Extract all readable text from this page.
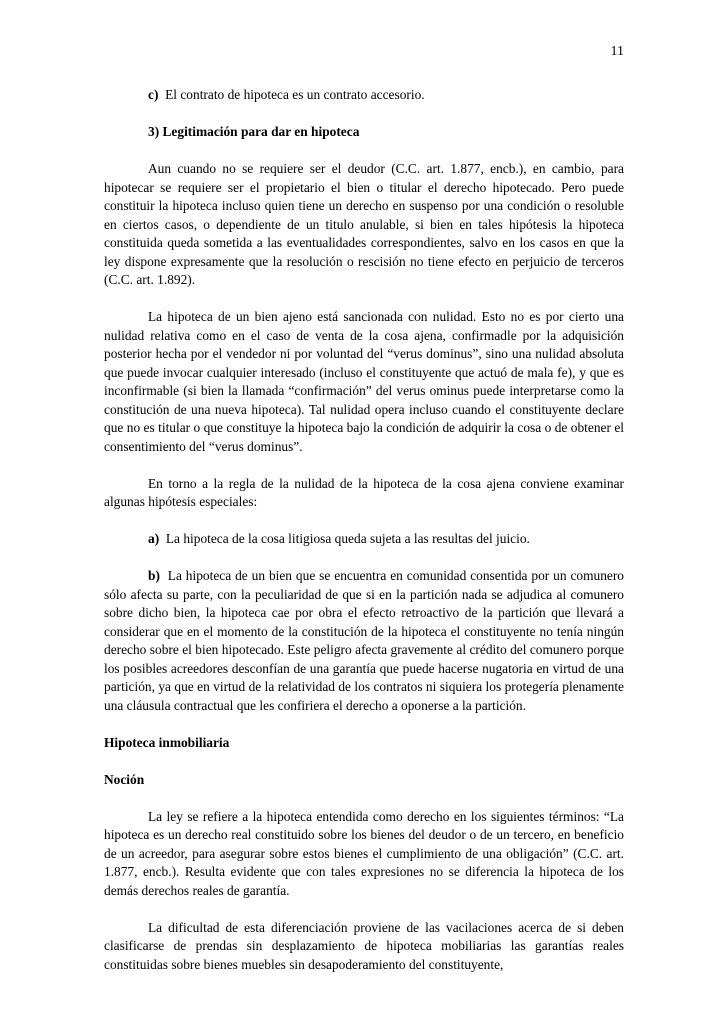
11

c) El contrato de hipoteca es un contrato accesorio.

3) Legitimación para dar en hipoteca

Aun cuando no se requiere ser el deudor (C.C. art. 1.877, encb.), en cambio, para hipotecar se requiere ser el propietario el bien o titular el derecho hipotecado. Pero puede constituir la hipoteca incluso quien tiene un derecho en suspenso por una condición o resoluble en ciertos casos, o dependiente de un titulo anulable, si bien en tales hipótesis la hipoteca constituida queda sometida a las eventualidades correspondientes, salvo en los casos en que la ley dispone expresamente que la resolución o rescisión no tiene efecto en perjuicio de terceros (C.C. art. 1.892).

La hipoteca de un bien ajeno está sancionada con nulidad. Esto no es por cierto una nulidad relativa como en el caso de venta de la cosa ajena, confirmadle por la adquisición posterior hecha por el vendedor ni por voluntad del “verus dominus”, sino una nulidad absoluta que puede invocar cualquier interesado (incluso el constituyente que actuó de mala fe), y que es inconfirmable (si bien la llamada “confirmación” del verus ominus puede interpretarse como la constitución de una nueva hipoteca). Tal nulidad opera incluso cuando el constituyente declare que no es titular o que constituye la hipoteca bajo la condición de adquirir la cosa o de obtener el consentimiento del “verus dominus”.

En torno a la regla de la nulidad de la hipoteca de la cosa ajena conviene examinar algunas hipótesis especiales:

a) La hipoteca de la cosa litigiosa queda sujeta a las resultas del juicio.

b) La hipoteca de un bien que se encuentra en comunidad consentida por un comunero sólo afecta su parte, con la peculiaridad de que si en la partición nada se adjudica al comunero sobre dicho bien, la hipoteca cae por obra el efecto retroactivo de la partición que llevará a considerar que en el momento de la constitución de la hipoteca el constituyente no tenía ningún derecho sobre el bien hipotecado. Este peligro afecta gravemente al crédito del comunero porque los posibles acreedores desconfían de una garantía que puede hacerse nugatoria en virtud de una partición, ya que en virtud de la relatividad de los contratos ni siquiera los protegería plenamente una cláusula contractual que les confiriera el derecho a oponerse a la partición.

Hipoteca inmobiliaria
Noción

La ley se refiere a la hipoteca entendida como derecho en los siguientes términos: “La hipoteca es un derecho real constituido sobre los bienes del deudor o de un tercero, en beneficio de un acreedor, para asegurar sobre estos bienes el cumplimiento de una obligación” (C.C. art. 1.877, encb.). Resulta evidente que con tales expresiones no se diferencia la hipoteca de los demás derechos reales de garantía.

La dificultad de esta diferenciación proviene de las vacilaciones acerca de si deben clasificarse de prendas sin desplazamiento de hipoteca mobiliarias las garantías reales constituidas sobre bienes muebles sin desapoderamiento del constituyente,
